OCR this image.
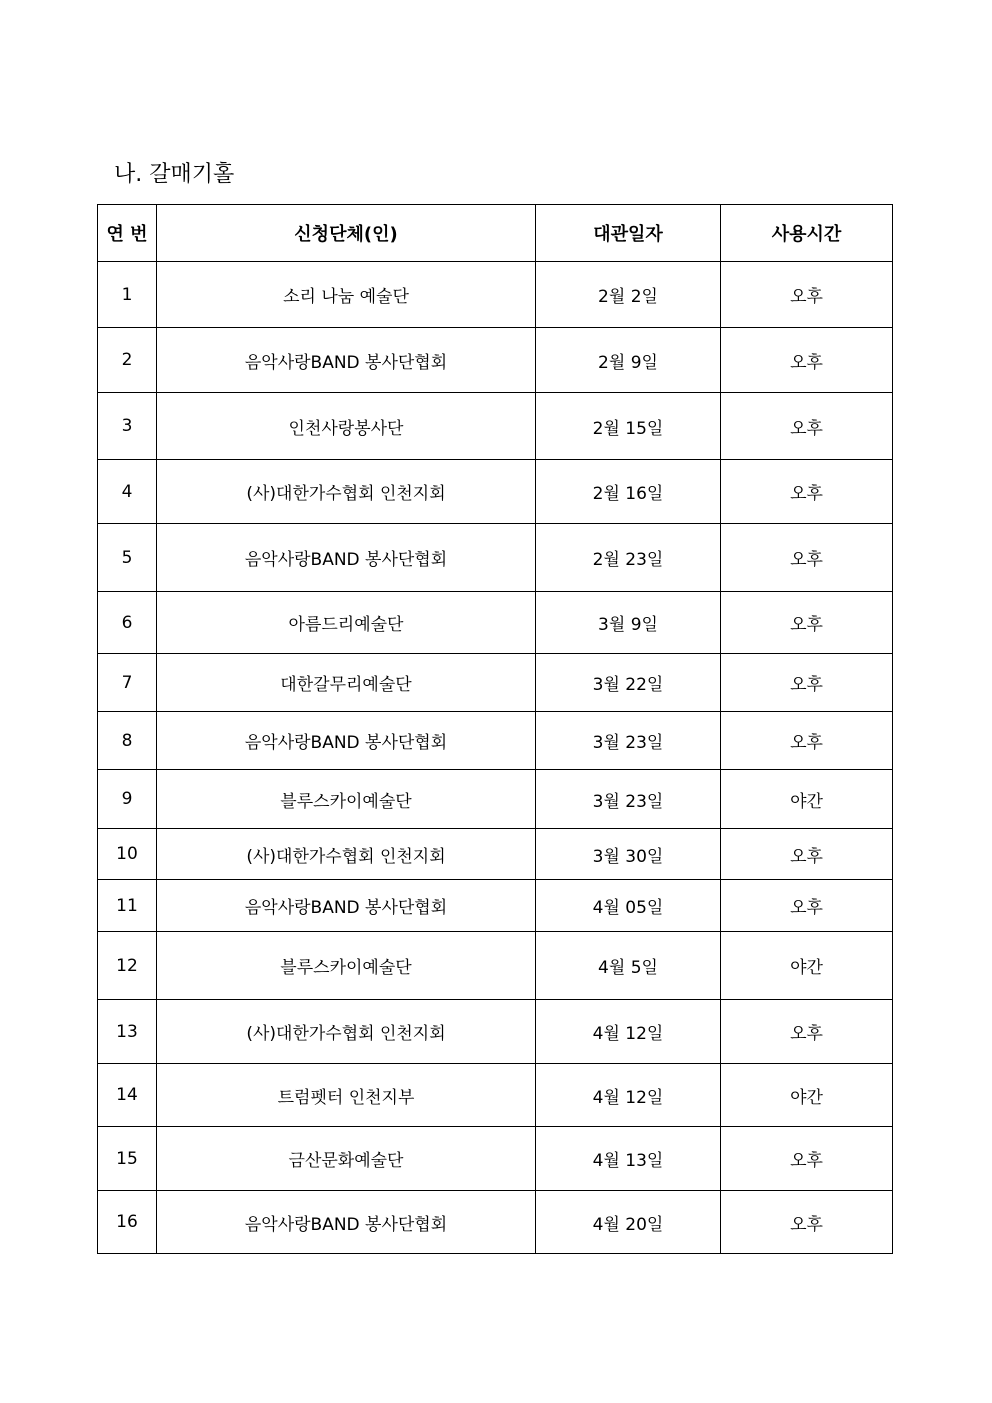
나. 갈매기홀
연 번	신청단체(인)	대관일자	사용시간
1	소리 나눔 예술단	2월 2일	오후
2	음악사랑BAND 봉사단협회	2월 9일	오후
3	인천사랑봉사단	2월 15일	오후
4	(사)대한가수협회 인천지회	2월 16일	오후
5	음악사랑BAND 봉사단협회	2월 23일	오후
6	아름드리예술단	3월 9일	오후
7	대한갈무리예술단	3월 22일	오후
8	음악사랑BAND 봉사단협회	3월 23일	오후
9	블루스카이예술단	3월 23일	야간
10	(사)대한가수협회 인천지회	3월 30일	오후
11	음악사랑BAND 봉사단협회	4월 05일	오후
12	블루스카이예술단	4월 5일	야간
13	(사)대한가수협회 인천지회	4월 12일	오후
14	트럼펫터 인천지부	4월 12일	야간
15	금산문화예술단	4월 13일	오후
16	음악사랑BAND 봉사단협회	4월 20일	오후
